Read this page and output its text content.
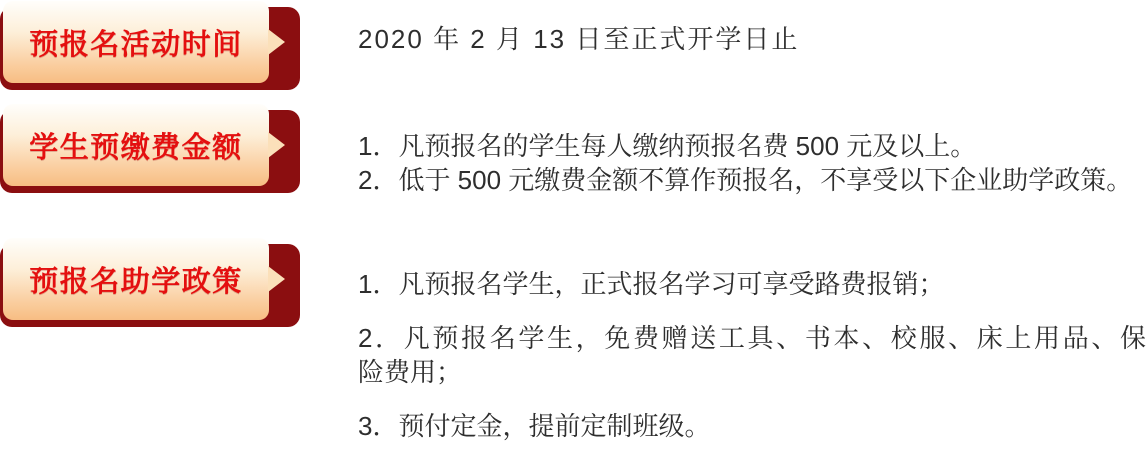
预报名活动时间	2020 年 2 月 13 日至正式开学日止
学生预缴费金额	1．凡预报名的学生每人缴纳预报名费 500 元及以上。
2．低于 500 元缴费金额不算作预报名，不享受以下企业助学政策。
预报名助学政策	1．凡预报名学生，正式报名学习可享受路费报销；
2．凡预报名学生，免费赠送工具、书本、校服、床上用品、保
险费用；
3．预付定金，提前定制班级。
